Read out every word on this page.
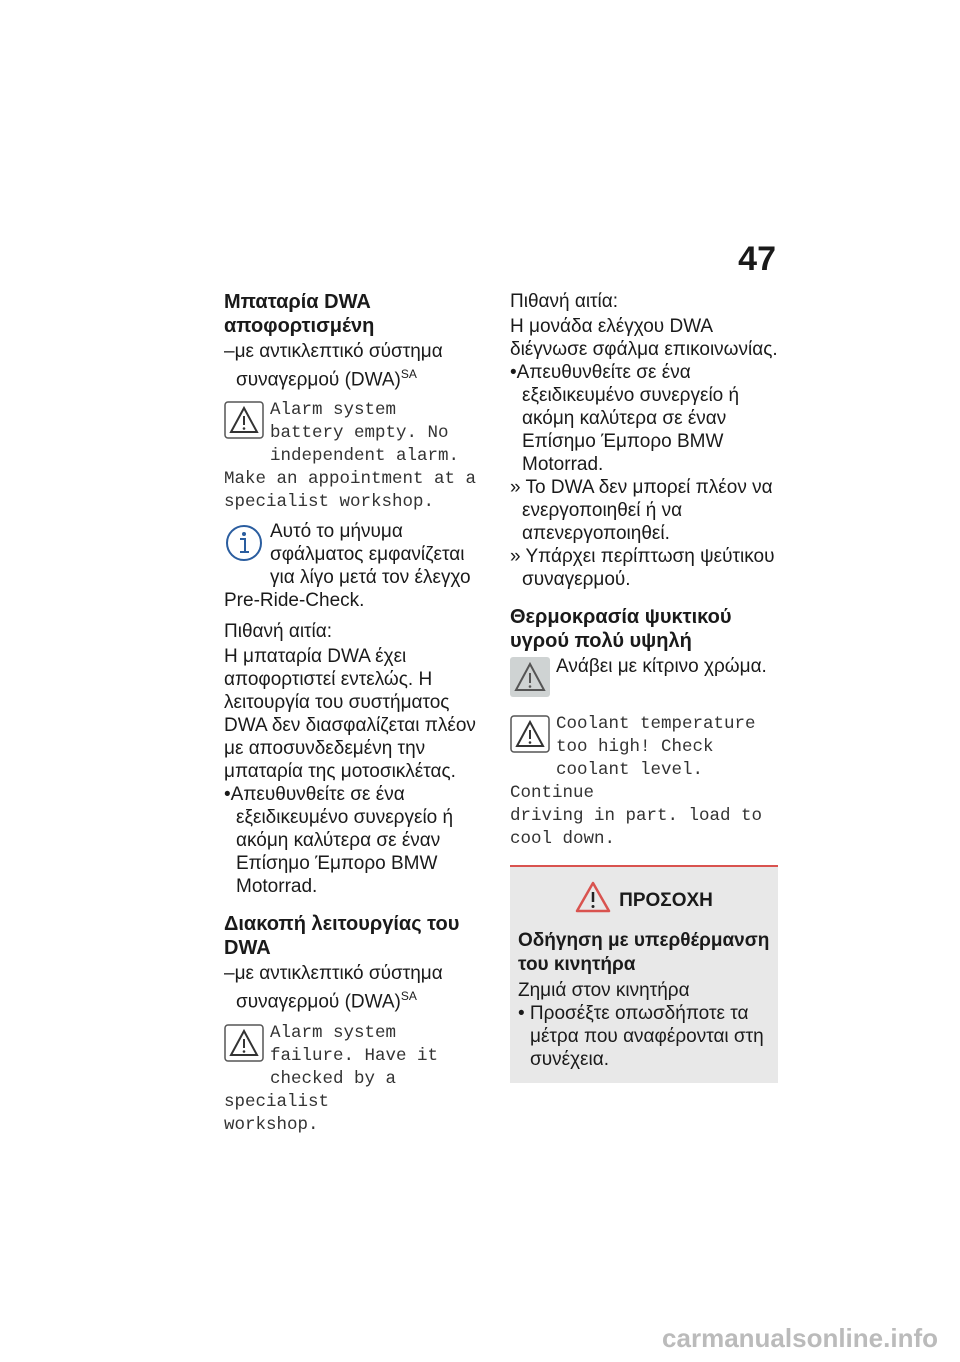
47
Μπαταρία DWA
αποφορτισμένη
–με αντικλεπτικό σύστημα συναγερμού (DWA)$^{SA}$
Alarm system
battery empty. No
independent alarm.
Make an appointment at a
specialist workshop.
Αυτό το μήνυμα σφάλματος εμφανίζεται για λίγο μετά τον έλεγχο Pre-Ride-Check.
Πιθανή αιτία:
Η μπαταρία DWA έχει αποφορτιστεί εντελώς. Η λειτουργία του συστήματος DWA δεν διασφαλίζεται πλέον με αποσυνδεδεμένη την μπαταρία της μοτοσικλέτας.
•Απευθυνθείτε σε ένα εξειδικευμένο συνεργείο ή ακόμη καλύτερα σε έναν Επίσημο Έμπορο BMW Motorrad.
Διακοπή λειτουργίας του
DWA
–με αντικλεπτικό σύστημα συναγερμού (DWA)$^{SA}$
Alarm system
failure. Have it
checked by a specialist
workshop.
Πιθανή αιτία:
Η μονάδα ελέγχου DWA διέγνωσε σφάλμα επικοινωνίας.
•Απευθυνθείτε σε ένα εξειδικευμένο συνεργείο ή ακόμη καλύτερα σε έναν Επίσημο Έμπορο BMW Motorrad.
» Το DWA δεν μπορεί πλέον να ενεργοποιηθεί ή να απενεργοποιηθεί.
» Υπάρχει περίπτωση ψεύτικου συναγερμού.
Θερμοκρασία ψυκτικού
υγρού πολύ υψηλή
Ανάβει με κίτρινο χρώμα.
Coolant temperature
too high! Check
coolant level. Continue
driving in part. load to
cool down.
ΠΡΟΣΟΧΗ
Οδήγηση με υπερθέρμανση του κινητήρα
Ζημιά στον κινητήρα
• Προσέξτε οπωσδήποτε τα μέτρα που αναφέρονται στη συνέχεια.
carmanualsonline.info
